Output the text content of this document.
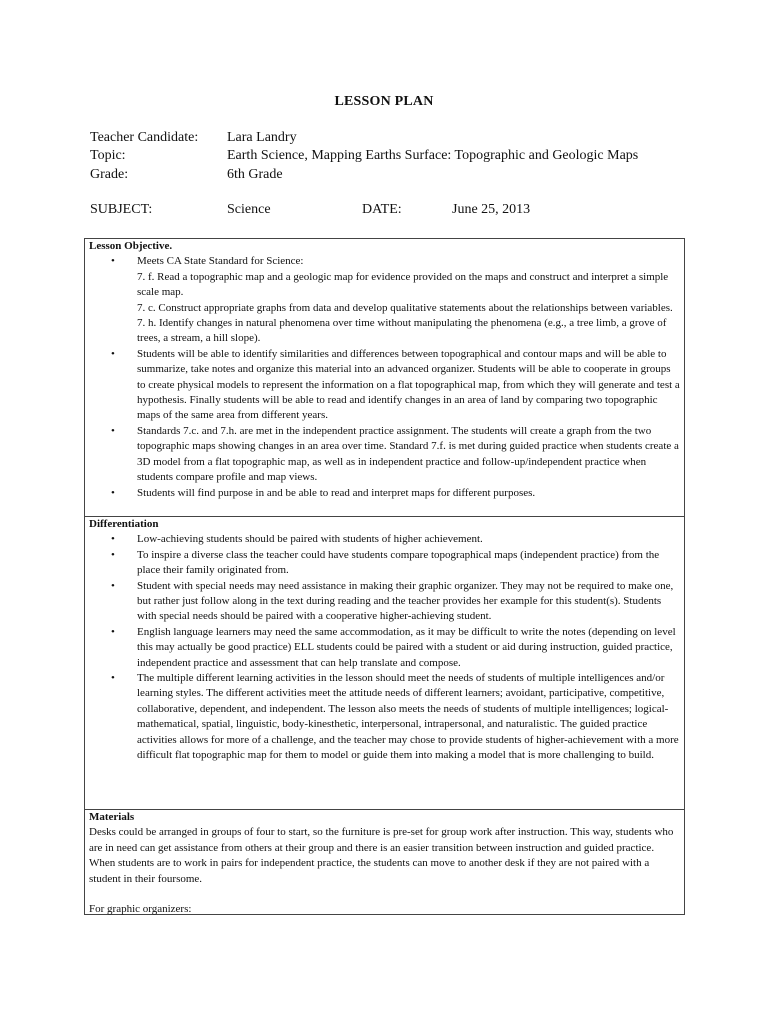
LESSON PLAN
Teacher Candidate: Lara Landry
Topic:	Earth Science, Mapping Earths Surface: Topographic and Geologic Maps
Grade:	6th Grade
SUBJECT:	Science	DATE:	June 25, 2013
Lesson Objective.
• Meets CA State Standard for Science:
7. f. Read a topographic map and a geologic map for evidence provided on the maps and construct and interpret a simple scale map.
7. c. Construct appropriate graphs from data and develop qualitative statements about the relationships between variables.
7. h. Identify changes in natural phenomena over time without manipulating the phenomena (e.g., a tree limb, a grove of trees, a stream, a hill slope).
• Students will be able to identify similarities and differences between topographical and contour maps and will be able to summarize, take notes and organize this material into an advanced organizer. Students will be able to cooperate in groups to create physical models to represent the information on a flat topographical map, from which they will generate and test a hypothesis. Finally students will be able to read and identify changes in an area of land by comparing two topographic maps of the same area from different years.
• Standards 7.c. and 7.h. are met in the independent practice assignment. The students will create a graph from the two topographic maps showing changes in an area over time. Standard 7.f. is met during guided practice when students create a 3D model from a flat topographic map, as well as in independent practice and follow-up/independent practice when students compare profile and map views.
• Students will find purpose in and be able to read and interpret maps for different purposes.
Differentiation
• Low-achieving students should be paired with students of higher achievement.
• To inspire a diverse class the teacher could have students compare topographical maps (independent practice) from the place their family originated from.
• Student with special needs may need assistance in making their graphic organizer. They may not be required to make one, but rather just follow along in the text during reading and the teacher provides her example for this student(s). Students with special needs should be paired with a cooperative higher-achieving student.
• English language learners may need the same accommodation, as it may be difficult to write the notes (depending on level this may actually be good practice) ELL students could be paired with a student or aid during instruction, guided practice, independent practice and assessment that can help translate and compose.
• The multiple different learning activities in the lesson should meet the needs of students of multiple intelligences and/or learning styles. The different activities meet the attitude needs of different learners; avoidant, participative, competitive, collaborative, dependent, and independent. The lesson also meets the needs of students of multiple intelligences; logical-mathematical, spatial, linguistic, body-kinesthetic, interpersonal, intrapersonal, and naturalistic. The guided practice activities allows for more of a challenge, and the teacher may chose to provide students of higher-achievement with a more difficult flat topographic map for them to model or guide them into making a model that is more challenging to build.
Materials

Desks could be arranged in groups of four to start, so the furniture is pre-set for group work after instruction. This way, students who are in need can get assistance from others at their group and there is an easier transition between instruction and guided practice. When students are to work in pairs for independent practice, the students can move to another desk if they are not paired with a student in their foursome.

For graphic organizers:
